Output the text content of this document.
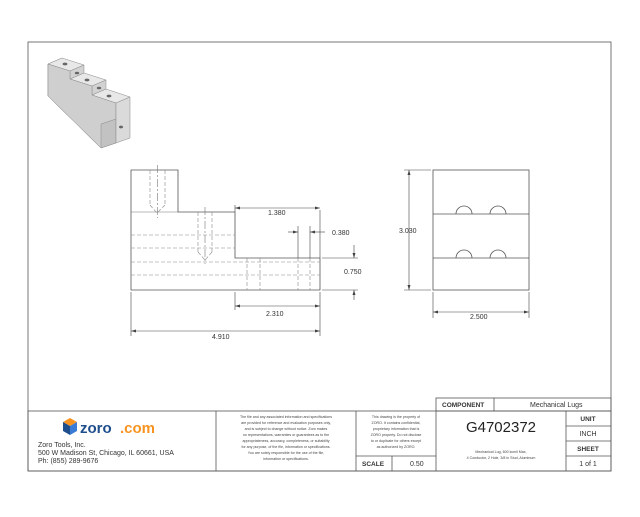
1.380
0.380
0.750
2.310
4.910
3.030
2.500
zoro .com
Zoro Tools, Inc.
500 W Madison St, Chicago, IL 60661, USA
Ph: (855) 289-9676
The file and any associated information and specifications
are provided for reference and evaluation purposes only,
and is subject to change without notice. Zoro makes
no representations, warranties or guarantees as to the
appropriateness, accuracy, completeness, or suitability
for any purpose, of the file, information or specifications.
You are solely responsible for the use of the file,
information or specifications.
This drawing is the property of
ZORO. It contains confidential,
proprietary information that is
ZORO property. Do not disclose
to or duplicate for others except
as authorized by ZORO.
SCALE	0.50
COMPONENT	Mechanical Lugs
G4702372
Mechanical Lug, 600 kcmil Max,
4 Conductor, 2 Hole, 3/8 in Stud, Aluminum
UNIT
INCH
SHEET
1 of 1
